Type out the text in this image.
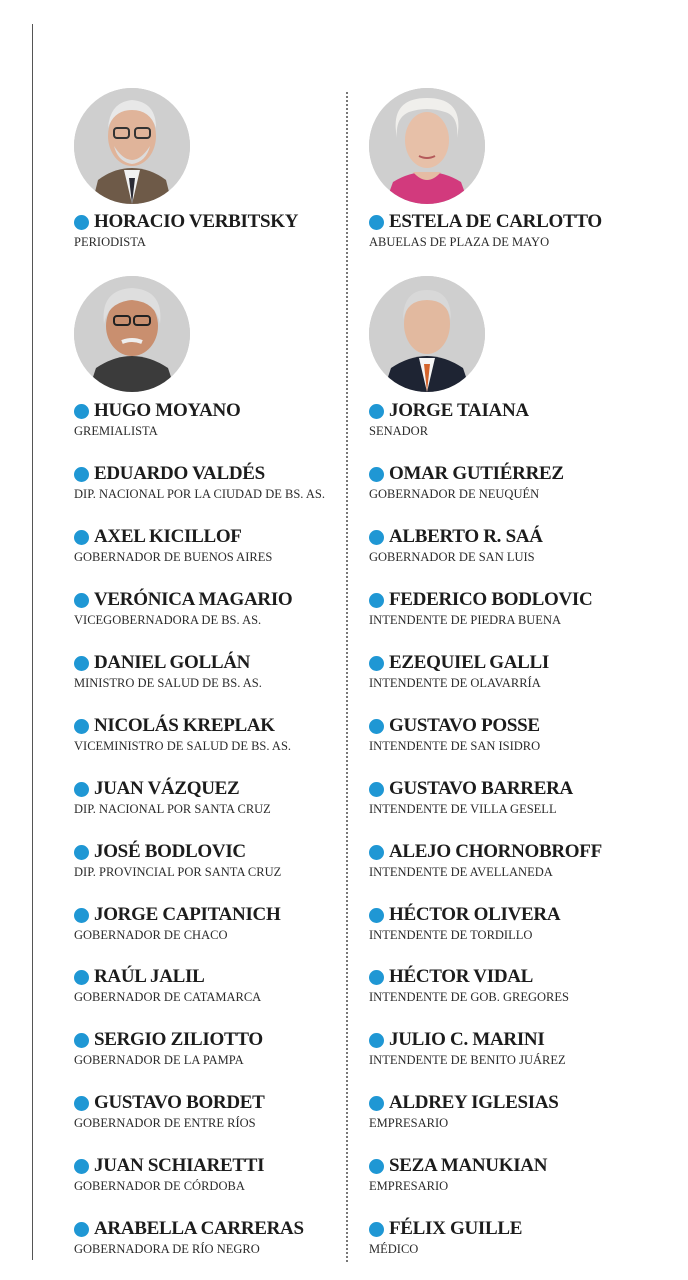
HORACIO VERBITSKY
PERIODISTA
HUGO MOYANO
GREMIALISTA
EDUARDO VALDÉS
DIP. NACIONAL POR LA CIUDAD DE BS. AS.
AXEL KICILLOF
GOBERNADOR DE BUENOS AIRES
VERÓNICA MAGARIO
VICEGOBERNADORA DE BS. AS.
DANIEL GOLLÁN
MINISTRO DE SALUD DE BS. AS.
NICOLÁS KREPLAK
VICEMINISTRO DE SALUD DE BS. AS.
JUAN VÁZQUEZ
DIP. NACIONAL POR SANTA CRUZ
JOSÉ BODLOVIC
DIP. PROVINCIAL POR SANTA CRUZ
JORGE CAPITANICH
GOBERNADOR DE CHACO
RAÚL JALIL
GOBERNADOR DE CATAMARCA
SERGIO ZILIOTTO
GOBERNADOR DE LA PAMPA
GUSTAVO BORDET
GOBERNADOR DE ENTRE RÍOS
JUAN SCHIARETTI
GOBERNADOR DE CÓRDOBA
ARABELLA CARRERAS
GOBERNADORA DE RÍO NEGRO
ESTELA DE CARLOTTO
ABUELAS DE PLAZA DE MAYO
JORGE TAIANA
SENADOR
OMAR GUTIÉRREZ
GOBERNADOR DE NEUQUÉN
ALBERTO R. SAÁ
GOBERNADOR DE SAN LUIS
FEDERICO BODLOVIC
INTENDENTE DE PIEDRA BUENA
EZEQUIEL GALLI
INTENDENTE DE OLAVARRÍA
GUSTAVO POSSE
INTENDENTE DE SAN ISIDRO
GUSTAVO BARRERA
INTENDENTE DE VILLA GESELL
ALEJO CHORNOBROFF
INTENDENTE DE AVELLANEDA
HÉCTOR OLIVERA
INTENDENTE DE TORDILLO
HÉCTOR VIDAL
INTENDENTE DE GOB. GREGORES
JULIO C. MARINI
INTENDENTE DE BENITO JUÁREZ
ALDREY IGLESIAS
EMPRESARIO
SEZA MANUKIAN
EMPRESARIO
FÉLIX GUILLE
MÉDICO
